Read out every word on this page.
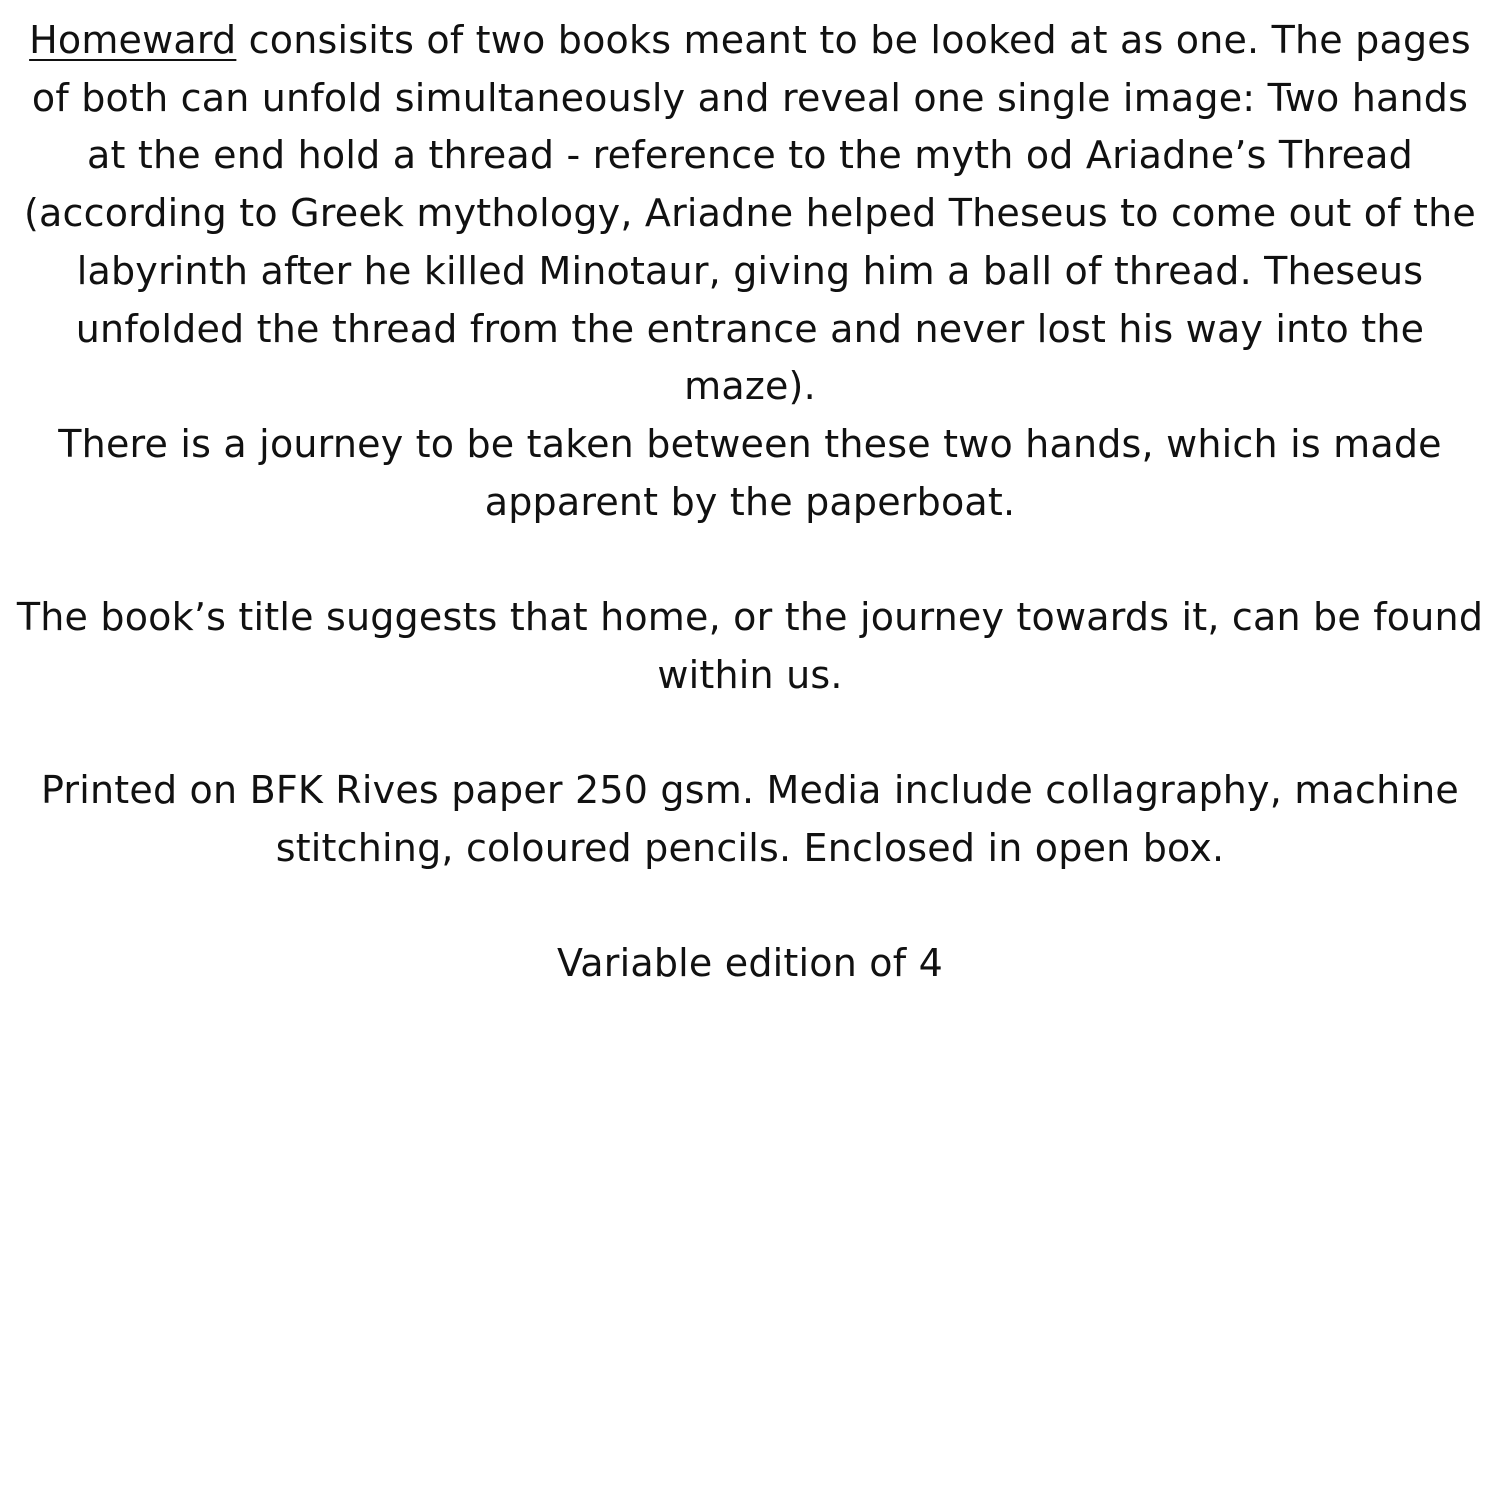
Homeward consisits of two books meant to be looked at as one. The pages of both can unfold simultaneously and reveal one single image: Two hands at the end hold a thread - reference to the myth od Ariadne’s Thread (according to Greek mythology, Ariadne helped Theseus to come out of the labyrinth after he killed Minotaur, giving him a ball of thread. Theseus unfolded the thread from the entrance and never lost his way into the maze).

There is a journey to be taken between these two hands, which is made apparent by the paperboat.

The book’s title suggests that home, or the journey towards it, can be found within us.

Printed on BFK Rives paper 250 gsm. Media include collagraphy, machine stitching, coloured pencils. Enclosed in open box.

Variable edition of 4
